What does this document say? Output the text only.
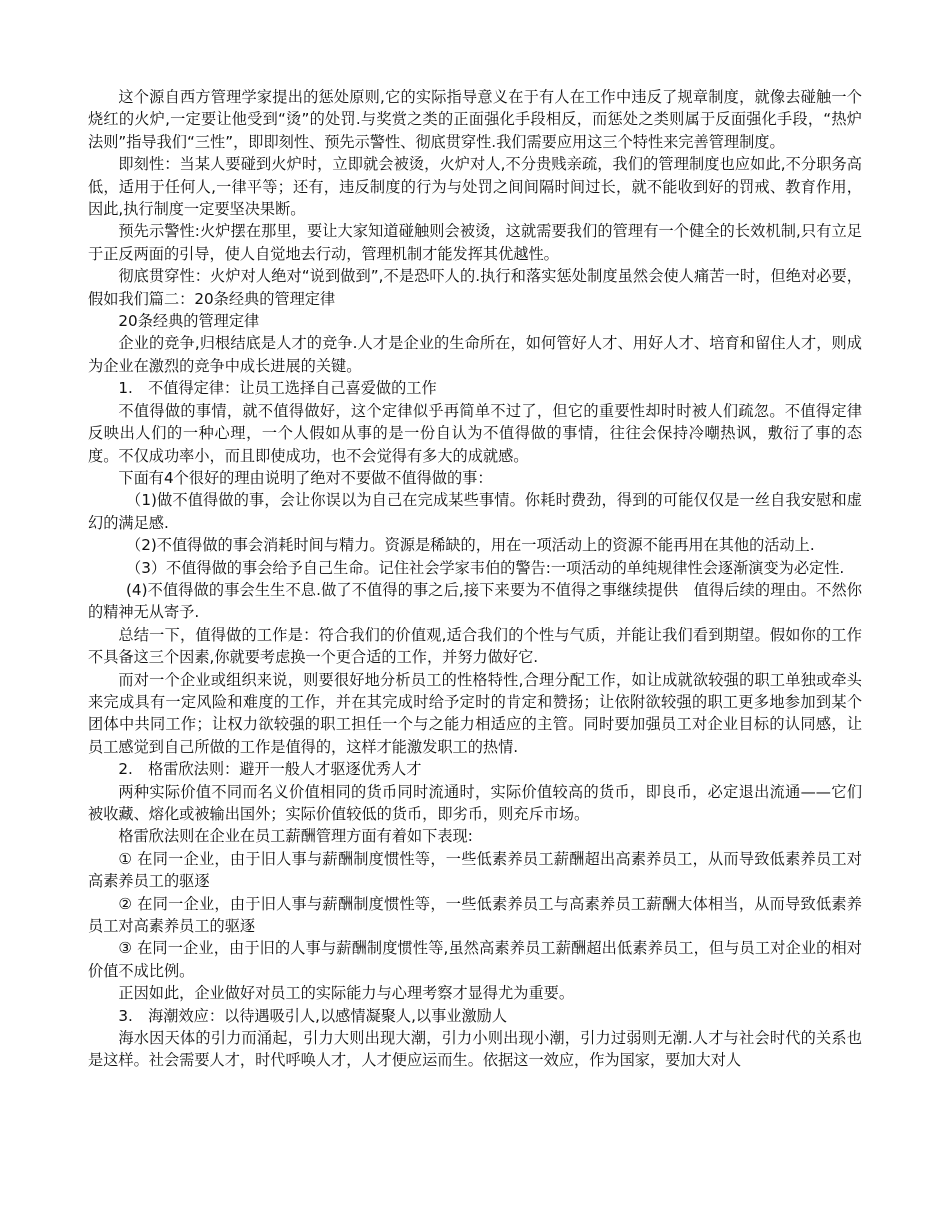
这个源自西方管理学家提出的惩处原则,它的实际指导意义在于有人在工作中违反了规章制度，就像去碰触一个烧红的火炉,一定要让他受到“烫”的处罚.与奖赏之类的正面强化手段相反，而惩处之类则属于反面强化手段，“热炉法则”指导我们“三性”，即即刻性、预先示警性、彻底贯穿性.我们需要应用这三个特性来完善管理制度。

即刻性：当某人要碰到火炉时，立即就会被烫，火炉对人,不分贵贱亲疏，我们的管理制度也应如此,不分职务高低，适用于任何人,一律平等；还有，违反制度的行为与处罚之间间隔时间过长，就不能收到好的罚戒、教育作用，因此,执行制度一定要坚决果断。

预先示警性:火炉摆在那里，要让大家知道碰触则会被烫，这就需要我们的管理有一个健全的长效机制,只有立足于正反两面的引导，使人自觉地去行动，管理机制才能发挥其优越性。

彻底贯穿性：火炉对人绝对“说到做到”,不是恐吓人的.执行和落实惩处制度虽然会使人痛苦一时，但绝对必要，假如我们篇二：20条经典的管理定律

20条经典的管理定律

企业的竞争,归根结底是人才的竞争.人才是企业的生命所在，如何管好人才、用好人才、培育和留住人才，则成为企业在激烈的竞争中成长进展的关键。

1.　不值得定律：让员工选择自己喜爱做的工作

不值得做的事情，就不值得做好，这个定律似乎再简单不过了，但它的重要性却时时被人们疏忽。不值得定律反映出人们的一种心理，一个人假如从事的是一份自认为不值得做的事情，往往会保持冷嘲热讽，敷衍了事的态度。不仅成功率小，而且即使成功，也不会觉得有多大的成就感。

下面有4个很好的理由说明了绝对不要做不值得做的事：

（1)做不值得做的事，会让你误以为自己在完成某些事情。你耗时费劲，得到的可能仅仅是一丝自我安慰和虚幻的满足感.

（2)不值得做的事会消耗时间与精力。资源是稀缺的，用在一项活动上的资源不能再用在其他的活动上.

（3）不值得做的事会给予自己生命。记住社会学家韦伯的警告:一项活动的单纯规律性会逐渐演变为必定性.

(4)不值得做的事会生生不息.做了不值得的事之后,接下来要为不值得之事继续提供　值得后续的理由。不然你的精神无从寄予.

总结一下，值得做的工作是：符合我们的价值观,适合我们的个性与气质，并能让我们看到期望。假如你的工作不具备这三个因素,你就要考虑换一个更合适的工作，并努力做好它.

而对一个企业或组织来说，则要很好地分析员工的性格特性,合理分配工作，如让成就欲较强的职工单独或牵头来完成具有一定风险和难度的工作，并在其完成时给予定时的肯定和赞扬；让依附欲较强的职工更多地参加到某个团体中共同工作；让权力欲较强的职工担任一个与之能力相适应的主管。同时要加强员工对企业目标的认同感，让员工感觉到自己所做的工作是值得的，这样才能激发职工的热情.

2.　格雷欣法则：避开一般人才驱逐优秀人才

两种实际价值不同而名义价值相同的货币同时流通时，实际价值较高的货币，即良币，必定退出流通——它们被收藏、熔化或被输出国外；实际价值较低的货币，即劣币，则充斥市场。

格雷欣法则在企业在员工薪酬管理方面有着如下表现:

① 在同一企业，由于旧人事与薪酬制度惯性等，一些低素养员工薪酬超出高素养员工，从而导致低素养员工对高素养员工的驱逐

② 在同一企业，由于旧人事与薪酬制度惯性等，一些低素养员工与高素养员工薪酬大体相当，从而导致低素养员工对高素养员工的驱逐

③ 在同一企业，由于旧的人事与薪酬制度惯性等,虽然高素养员工薪酬超出低素养员工，但与员工对企业的相对价值不成比例。

正因如此，企业做好对员工的实际能力与心理考察才显得尤为重要。

3.　海潮效应：以待遇吸引人,以感情凝聚人,以事业激励人

海水因天体的引力而涌起，引力大则出现大潮，引力小则出现小潮，引力过弱则无潮.人才与社会时代的关系也是这样。社会需要人才，时代呼唤人才，人才便应运而生。依据这一效应，作为国家，要加大对人
